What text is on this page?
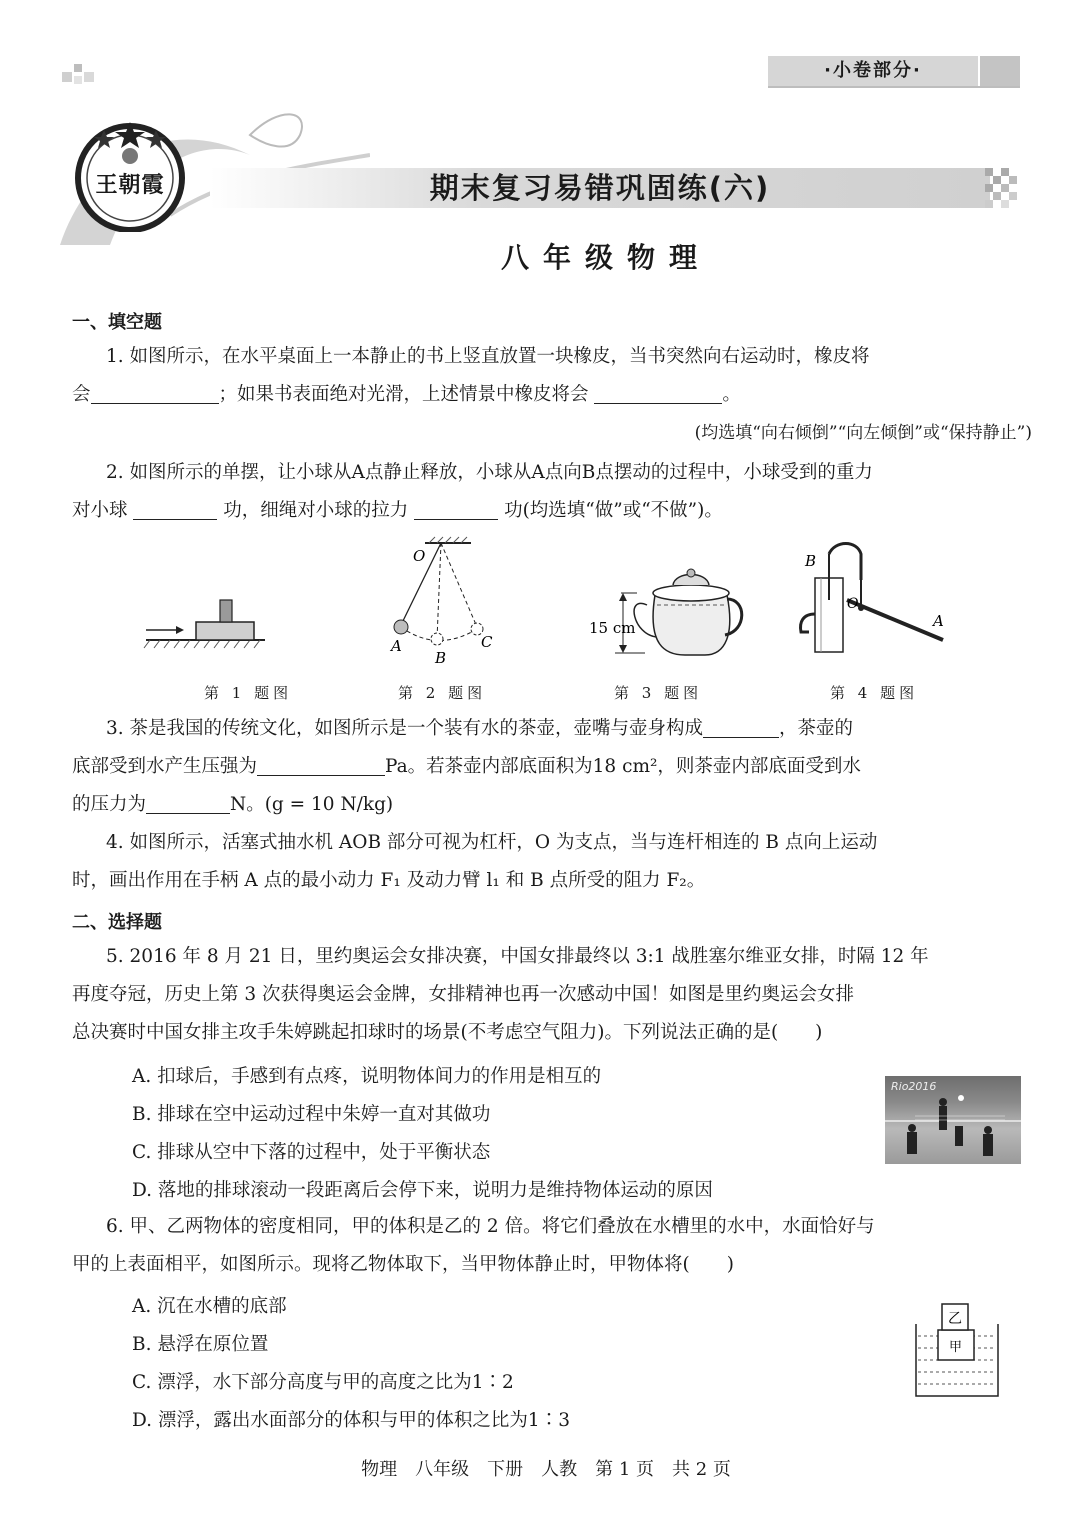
·小卷部分·
王朝霞	期末复习易错巩固练(六)
八年级物理
一、填空题
1. 如图所示，在水平桌面上一本静止的书上竖直放置一块橡皮，当书突然向右运动时，橡皮将
会	；如果书表面绝对光滑，上述情景中橡皮将会	。
(均选填“向右倾倒”“向左倾倒”或“保持静止”)
2. 如图所示的单摆，让小球从A点静止释放，小球从A点向B点摆动的过程中，小球受到的重力
对小球	功，细绳对小球的拉力	功(均选填“做”或“不做”)。
第 1 题图
O
A
B
C
第 2 题图
15 cm
第 3 题图
B
O
A
第 4 题图
3. 茶是我国的传统文化，如图所示是一个装有水的茶壶，壶嘴与壶身构成	，茶壶的
底部受到水产生压强为	Pa。若茶壶内部底面积为18 cm²，则茶壶内部底面受到水
的压力为	N。(g = 10 N/kg)
4. 如图所示，活塞式抽水机 AOB 部分可视为杠杆，O 为支点，当与连杆相连的 B 点向上运动
时，画出作用在手柄 A 点的最小动力 F₁ 及动力臂 l₁ 和 B 点所受的阻力 F₂。
二、选择题
5. 2016 年 8 月 21 日，里约奥运会女排决赛，中国女排最终以 3:1 战胜塞尔维亚女排，时隔 12 年
再度夺冠，历史上第 3 次获得奥运会金牌，女排精神也再一次感动中国！如图是里约奥运会女排
总决赛时中国女排主攻手朱婷跳起扣球时的场景(不考虑空气阻力)。下列说法正确的是(　　)
A. 扣球后，手感到有点疼，说明物体间力的作用是相互的
B. 排球在空中运动过程中朱婷一直对其做功
C. 排球从空中下落的过程中，处于平衡状态
D. 落地的排球滚动一段距离后会停下来，说明力是维持物体运动的原因
Rio2016
6. 甲、乙两物体的密度相同，甲的体积是乙的 2 倍。将它们叠放在水槽里的水中，水面恰好与
甲的上表面相平，如图所示。现将乙物体取下，当甲物体静止时，甲物体将(　　)
A. 沉在水槽的底部
B. 悬浮在原位置
C. 漂浮，水下部分高度与甲的高度之比为1∶2
D. 漂浮，露出水面部分的体积与甲的体积之比为1∶3
乙
甲
物理　八年级　下册　人教　第 1 页　共 2 页
